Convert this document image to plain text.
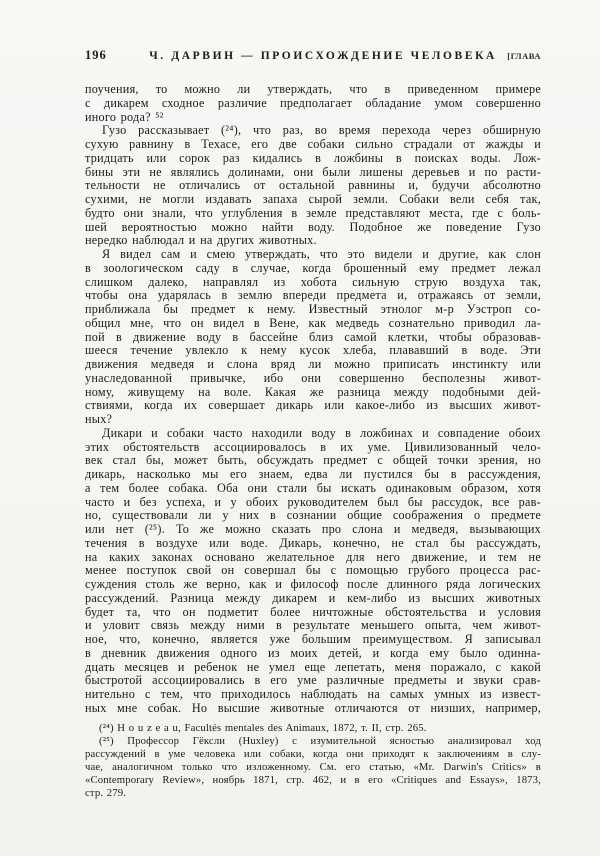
196	Ч. ДАРВИН — ПРОИСХОЖДЕНИЕ ЧЕЛОВЕКА	[ГЛАВА
поучения, то можно ли утверждать, что в приведенном примере
с дикарем сходное различие предполагает обладание умом совершенно
иного рода? ⁵²
Гузо рассказывает (²⁴), что раз, во время перехода через обширную
сухую равнину в Техасе, его две собаки сильно страдали от жажды и
тридцать или сорок раз кидались в ложбины в поисках воды. Лож-
бины эти не являлись долинами, они были лишены деревьев и по расти-
тельности не отличались от остальной равнины и, будучи абсолютно
сухими, не могли издавать запаха сырой земли. Собаки вели себя так,
будто они знали, что углубления в земле представляют места, где с боль-
шей вероятностью можно найти воду. Подобное же поведение Гузо
нередко наблюдал и на других животных.
Я видел сам и смею утверждать, что это видели и другие, как слон
в зоологическом саду в случае, когда брошенный ему предмет лежал
слишком далеко, направлял из хобота сильную струю воздуха так,
чтобы она ударялась в землю впереди предмета и, отражаясь от земли,
приближала бы предмет к нему. Известный этнолог м-р Уэстроп со-
общил мне, что он видел в Вене, как медведь сознательно приводил ла-
пой в движение воду в бассейне близ самой клетки, чтобы образовав-
шееся течение увлекло к нему кусок хлеба, плававший в воде. Эти
движения медведя и слона вряд ли можно приписать инстинкту или
унаследованной привычке, ибо они совершенно бесполезны живот-
ному, живущему на воле. Какая же разница между подобными дей-
ствиями, когда их совершает дикарь или какое-либо из высших живот-
ных?
Дикари и собаки часто находили воду в ложбинах и совпадение обоих
этих обстоятельств ассоциировалось в их уме. Цивилизованный чело-
век стал бы, может быть, обсуждать предмет с общей точки зрения, но
дикарь, насколько мы его знаем, едва ли пустился бы в рассуждения,
а тем более собака. Оба они стали бы искать одинаковым образом, хотя
часто и без успеха, и у обоих руководителем был бы рассудок, все рав-
но, существовали ли у них в сознании общие соображения о предмете
или нет (²⁵). То же можно сказать про слона и медведя, вызывающих
течения в воздухе или воде. Дикарь, конечно, не стал бы рассуждать,
на каких законах основано желательное для него движение, и тем не
менее поступок свой он совершал бы с помощью грубого процесса рас-
суждения столь же верно, как и философ после длинного ряда логических
рассуждений. Разница между дикарем и кем-либо из высших животных
будет та, что он подметит более ничтожные обстоятельства и условия
и уловит связь между ними в результате меньшего опыта, чем живот-
ное, что, конечно, является уже большим преимуществом. Я записывал
в дневник движения одного из моих детей, и когда ему было одинна-
дцать месяцев и ребенок не умел еще лепетать, меня поражало, с какой
быстротой ассоциировались в его уме различные предметы и звуки срав-
нительно с тем, что приходилось наблюдать на самых умных из извест-
ных мне собак. Но высшие животные отличаются от низших, например,
(²⁴) H o u z e a u, Facultés mentales des Animaux, 1872, т. II, стр. 265.
(²⁵) Профессор Гёксли (Huxley) с изумительной ясностью анализировал ход
рассуждений в уме человека или собаки, когда они приходят к заключениям в слу-
чае, аналогичном только что изложенному. См. его статью, «Mr. Darwin's Critics» в
«Contemporary Review», ноябрь 1871, стр. 462, и в его «Critiques and Essays», 1873,
стр. 279.
